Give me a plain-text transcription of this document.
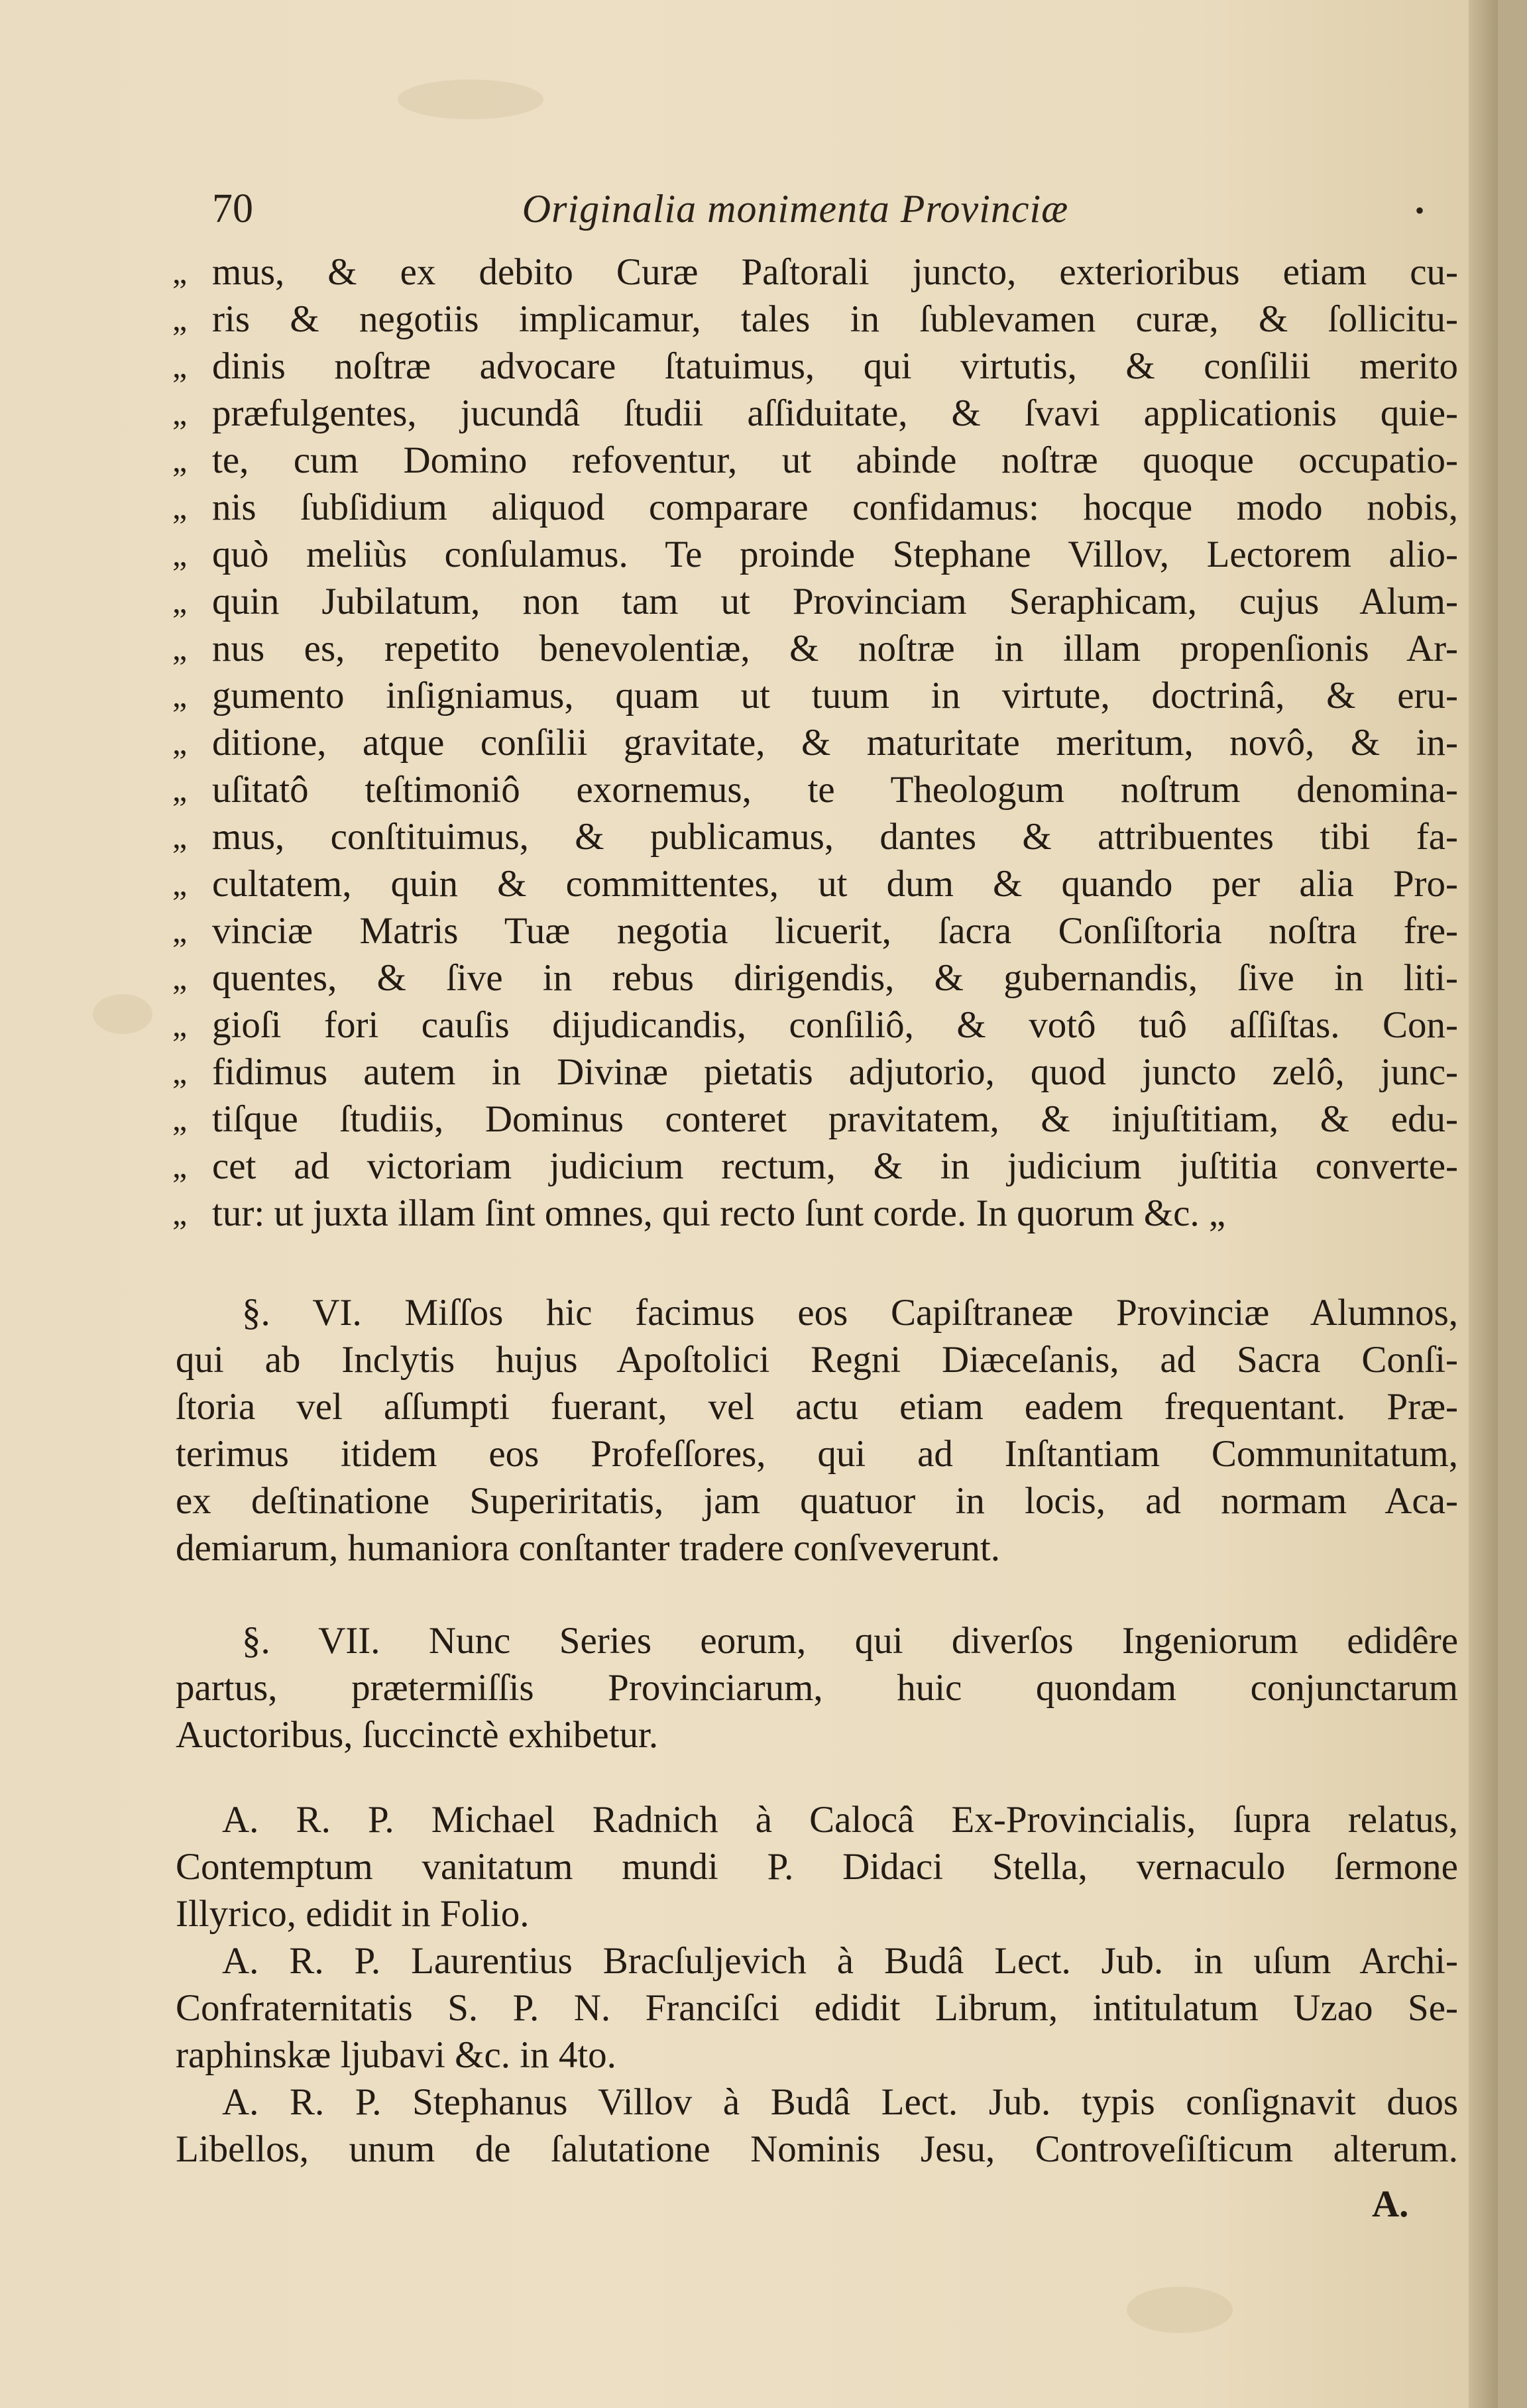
70	Originalia monimenta Provinciæ	•
„ mus, & ex debito Curæ Paſtorali juncto, exterioribus etiam cu-
„ ris & negotiis implicamur, tales in ſublevamen curæ, & ſollicitu-
„ dinis noſtræ advocare ſtatuimus, qui virtutis, & conſilii merito
„ præfulgentes, jucundâ ſtudii aſſiduitate, & ſvavi applicationis quie-
„ te, cum Domino refoventur, ut abinde noſtræ quoque occupatio-
„ nis ſubſidium aliquod comparare confidamus: hocque modo nobis,
„ quò meliùs conſulamus. Te proinde Stephane Villov, Lectorem alio-
„ quin Jubilatum, non tam ut Provinciam Seraphicam, cujus Alum-
„ nus es, repetito benevolentiæ, & noſtræ in illam propenſionis Ar-
„ gumento inſigniamus, quam ut tuum in virtute, doctrinâ, & eru-
„ ditione, atque conſilii gravitate, & maturitate meritum, novô, & in-
„ uſitatô teſtimoniô exornemus, te Theologum noſtrum denomina-
„ mus, conſtituimus, & publicamus, dantes & attribuentes tibi fa-
„ cultatem, quin & committentes, ut dum & quando per alia Pro-
„ vinciæ Matris Tuæ negotia licuerit, ſacra Conſiſtoria noſtra fre-
„ quentes, & ſive in rebus dirigendis, & gubernandis, ſive in liti-
„ gioſi fori cauſis dijudicandis, conſiliô, & votô tuô aſſiſtas. Con-
„ fidimus autem in Divinæ pietatis adjutorio, quod juncto zelô, junc-
„ tiſque ſtudiis, Dominus conteret pravitatem, & injuſtitiam, & edu-
„ cet ad victoriam judicium rectum, & in judicium juſtitia converte-
„ tur: ut juxta illam ſint omnes, qui recto ſunt corde. In quorum &c. „
§. VI. Miſſos hic facimus eos Capiſtraneæ Provinciæ Alumnos,
qui ab Inclytis hujus Apoſtolici Regni Diæceſanis, ad Sacra Conſi-
ſtoria vel aſſumpti fuerant, vel actu etiam eadem frequentant. Præ-
terimus itidem eos Profeſſores, qui ad Inſtantiam Communitatum,
ex deſtinatione Superiritatis, jam quatuor in locis, ad normam Aca-
demiarum, humaniora conſtanter tradere conſveverunt.
§. VII. Nunc Series eorum, qui diverſos Ingeniorum edidêre
partus, prætermiſſis Provinciarum, huic quondam conjunctarum
Auctoribus, ſuccinctè exhibetur.
A. R. P. Michael Radnich à Calocâ Ex-Provincialis, ſupra relatus,
Contemptum vanitatum mundi P. Didaci Stella, vernaculo ſermone
Illyrico, edidit in Folio.
A. R. P. Laurentius Bracſuljevich à Budâ Lect. Jub. in uſum Archi-
Confraternitatis S. P. N. Franciſci edidit Librum, intitulatum Uzao Se-
raphinskæ ljubavi &c. in 4to.
A. R. P. Stephanus Villov à Budâ Lect. Jub. typis conſignavit duos
Libellos, unum de ſalutatione Nominis Jesu, Controveſiſticum alterum.
A.
